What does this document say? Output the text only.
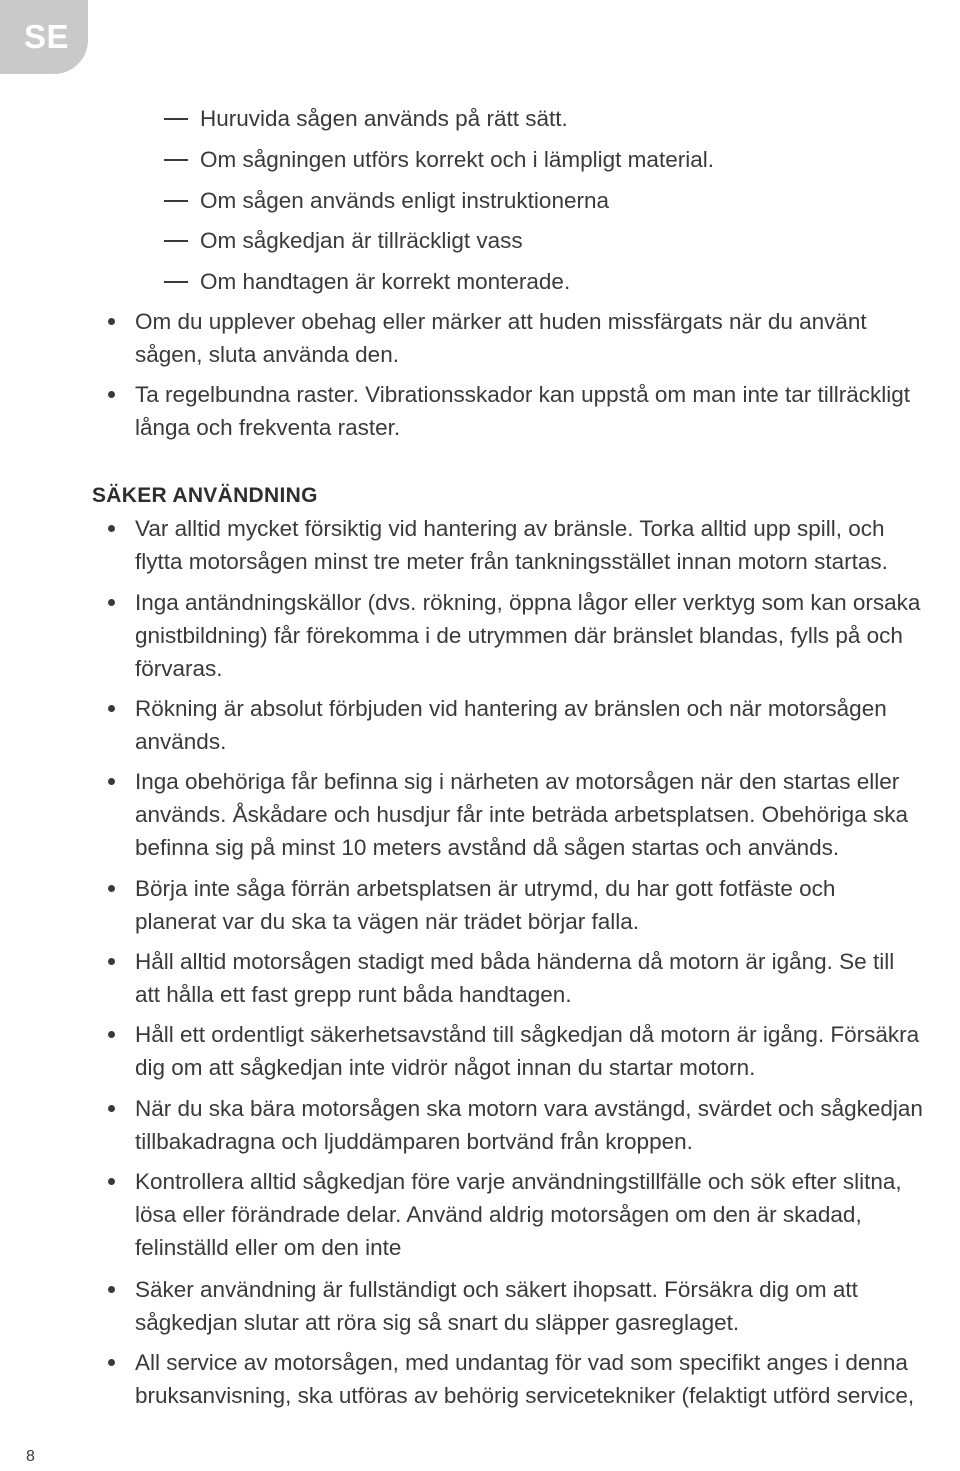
SE
Huruvida sågen används på rätt sätt.
Om sågningen utförs korrekt och i lämpligt material.
Om sågen används enligt instruktionerna
Om sågkedjan är tillräckligt vass
Om handtagen är korrekt monterade.
Om du upplever obehag eller märker att huden missfärgats när du använt
sågen, sluta använda den.
Ta regelbundna raster. Vibrationsskador kan uppstå om man inte tar tillräckligt
långa och frekventa raster.
SÄKER ANVÄNDNING
Var alltid mycket försiktig vid hantering av bränsle. Torka alltid upp spill, och
flytta motorsågen minst tre meter från tankningsstället innan motorn startas.
Inga antändningskällor (dvs. rökning, öppna lågor eller verktyg som kan orsaka
gnistbildning) får förekomma i de utrymmen där bränslet blandas, fylls på och
förvaras.
Rökning är absolut förbjuden vid hantering av bränslen och när motorsågen
används.
Inga obehöriga får befinna sig i närheten av motorsågen när den startas eller
används. Åskådare och husdjur får inte beträda arbetsplatsen. Obehöriga ska
befinna sig på minst 10 meters avstånd då sågen startas och används.
Börja inte såga förrän arbetsplatsen är utrymd, du har gott fotfäste och
planerat var du ska ta vägen när trädet börjar falla.
Håll alltid motorsågen stadigt med båda händerna då motorn är igång. Se till
att hålla ett fast grepp runt båda handtagen.
Håll ett ordentligt säkerhetsavstånd till sågkedjan då motorn är igång. Försäkra
dig om att sågkedjan inte vidrör något innan du startar motorn.
När du ska bära motorsågen ska motorn vara avstängd, svärdet och sågkedjan
tillbakadragna och ljuddämparen bortvänd från kroppen.
Kontrollera alltid sågkedjan före varje användningstillfälle och sök efter slitna,
lösa eller förändrade delar. Använd aldrig motorsågen om den är skadad,
felinställd eller om den inte
Säker användning är fullständigt och säkert ihopsatt. Försäkra dig om att
sågkedjan slutar att röra sig så snart du släpper gasreglaget.
All service av motorsågen, med undantag för vad som specifikt anges i denna
bruksanvisning, ska utföras av behörig servicetekniker (felaktigt utförd service,
8
